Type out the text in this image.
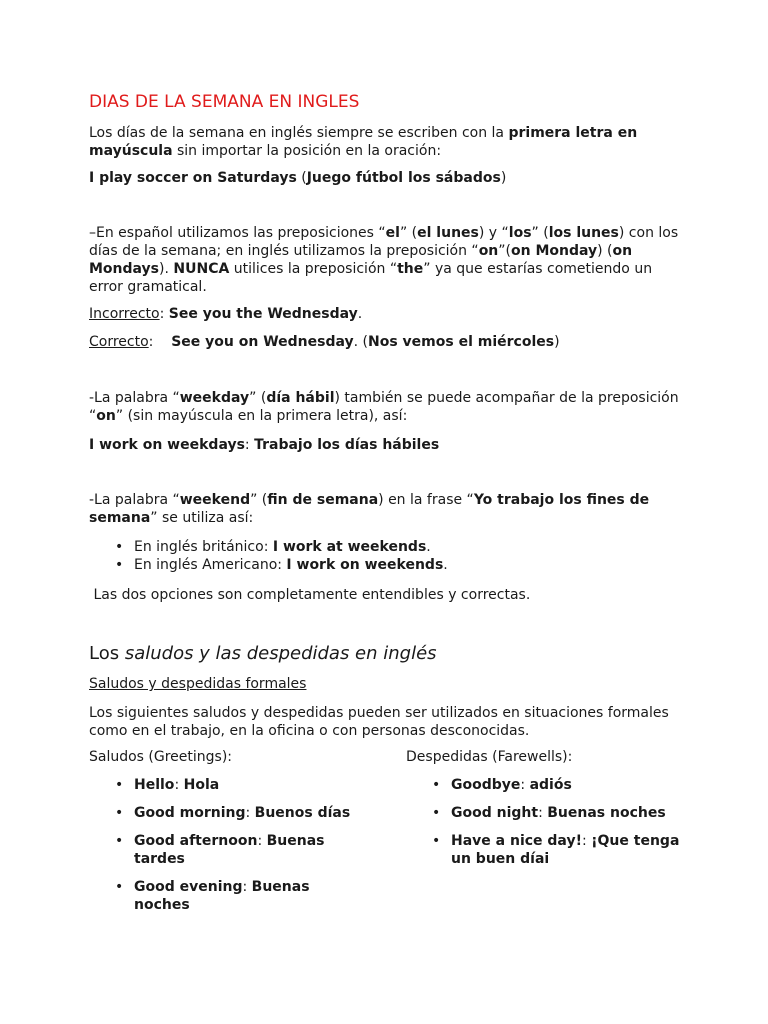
DIAS DE LA SEMANA EN INGLES

Los días de la semana en inglés siempre se escriben con la primera letra en mayúscula sin importar la posición en la oración:

I play soccer on Saturdays (Juego fútbol los sábados)

–En español utilizamos las preposiciones “el” (el lunes) y “los” (los lunes) con los días de la semana; en inglés utilizamos la preposición “on”(on Monday) (on Mondays). NUNCA utilices la preposición “the” ya que estarías cometiendo un error gramatical.

Incorrecto: See you the Wednesday.

Correcto:    See you on Wednesday. (Nos vemos el miércoles)

-La palabra “weekday” (día hábil) también se puede acompañar de la preposición “on” (sin mayúscula en la primera letra), así:

I work on weekdays: Trabajo los días hábiles

-La palabra “weekend” (fin de semana) en la frase “Yo trabajo los fines de semana” se utiliza así:

• En inglés británico: I work at weekends.
• En inglés Americano: I work on weekends.

Las dos opciones son completamente entendibles y correctas.

Los saludos y las despedidas en inglés

Saludos y despedidas formales

Los siguientes saludos y despedidas pueden ser utilizados en situaciones formales como en el trabajo, en la oficina o con personas desconocidas.

Saludos (Greetings):	Despedidas (Farewells):

• Hello: Hola
• Good morning: Buenos días
• Good afternoon: Buenas tardes
• Good evening: Buenas noches
• Goodbye: adiós
• Good night: Buenas noches
• Have a nice day!: ¡Que tenga un buen díai
